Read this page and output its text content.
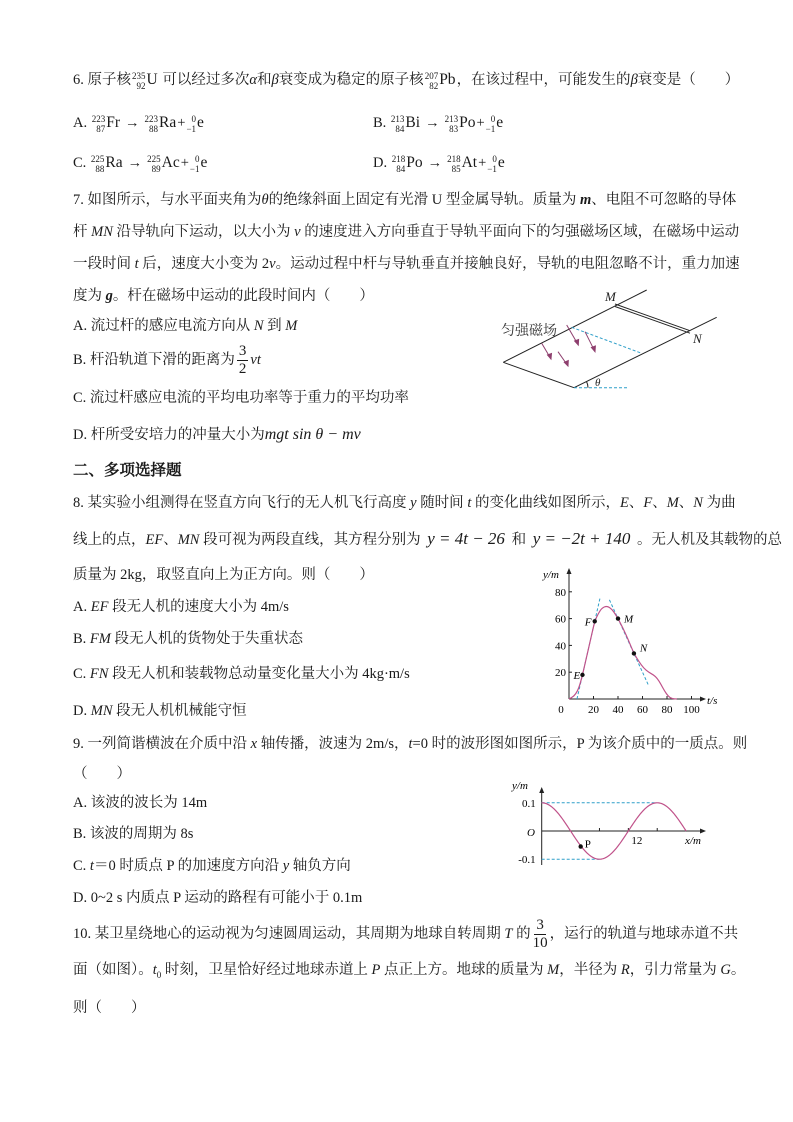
6. 原子核 235
92 U 可以经过多次α和β衰变成为稳定的原子核 207
82 Pb，在该过程中，可能发生的β衰变是（　　）
A. 223
87 Fr → 223
88 Ra+ 0
−1 e	B. 213
84 Bi → 213
83 Po+ 0
−1 e
C. 225
88 Ra → 225
89 Ac+ 0
−1 e	D. 218
84 Po → 218
85 At+ 0
−1 e
7. 如图所示，与水平面夹角为θ的绝缘斜面上固定有光滑 U 型金属导轨。质量为 m、电阻不可忽略的导体
杆 MN 沿导轨向下运动，以大小为 v 的速度进入方向垂直于导轨平面向下的匀强磁场区域，在磁场中运动
一段时间 t 后，速度大小变为 2v。运动过程中杆与导轨垂直并接触良好，导轨的电阻忽略不计，重力加速
度为 g。杆在磁场中运动的此段时间内（　　）
A. 流过杆的感应电流方向从 N 到 M
B. 杆沿轨道下滑的距离为 $\frac{3}{2}$ vt
C. 流过杆感应电流的平均电功率等于重力的平均功率
D. 杆所受安培力的冲量大小为mgt sin θ − mv
匀强磁场
M
N
θ
二、多项选择题
8. 某实验小组测得在竖直方向飞行的无人机飞行高度 y 随时间 t 的变化曲线如图所示，E、F、M、N 为曲
线上的点，EF、MN 段可视为两段直线，其方程分别为 y = 4t − 26 和 y = −2t + 140 。无人机及其载物的总
质量为 2kg，取竖直向上为正方向。则（　　）
A. EF 段无人机的速度大小为 4m/s
B. FM 段无人机的货物处于失重状态
C. FN 段无人机和装载物总动量变化量大小为 4kg·m/s
D. MN 段无人机机械能守恒
y/m
t/s
0
20
40
60
80
20 40 60 80 100
E
F	M
N
9. 一列简谐横波在介质中沿 x 轴传播，波速为 2m/s，t=0 时的波形图如图所示，P 为该介质中的一质点。则
（　　）
A. 该波的波长为 14m
B. 该波的周期为 8s
C. t＝0 时质点 P 的加速度方向沿 y 轴负方向
D. 0~2 s 内质点 P 运动的路程有可能小于 0.1m
y/m
x/m
O
0.1
-0.1
12
P
10. 某卫星绕地心的运动视为匀速圆周运动，其周期为地球自转周期 T 的 $\frac{3}{10}$ ，运行的轨道与地球赤道不共
面（如图）。$t_0$ 时刻，卫星恰好经过地球赤道上 P 点正上方。地球的质量为 M，半径为 R，引力常量为 G。
则（　　）
